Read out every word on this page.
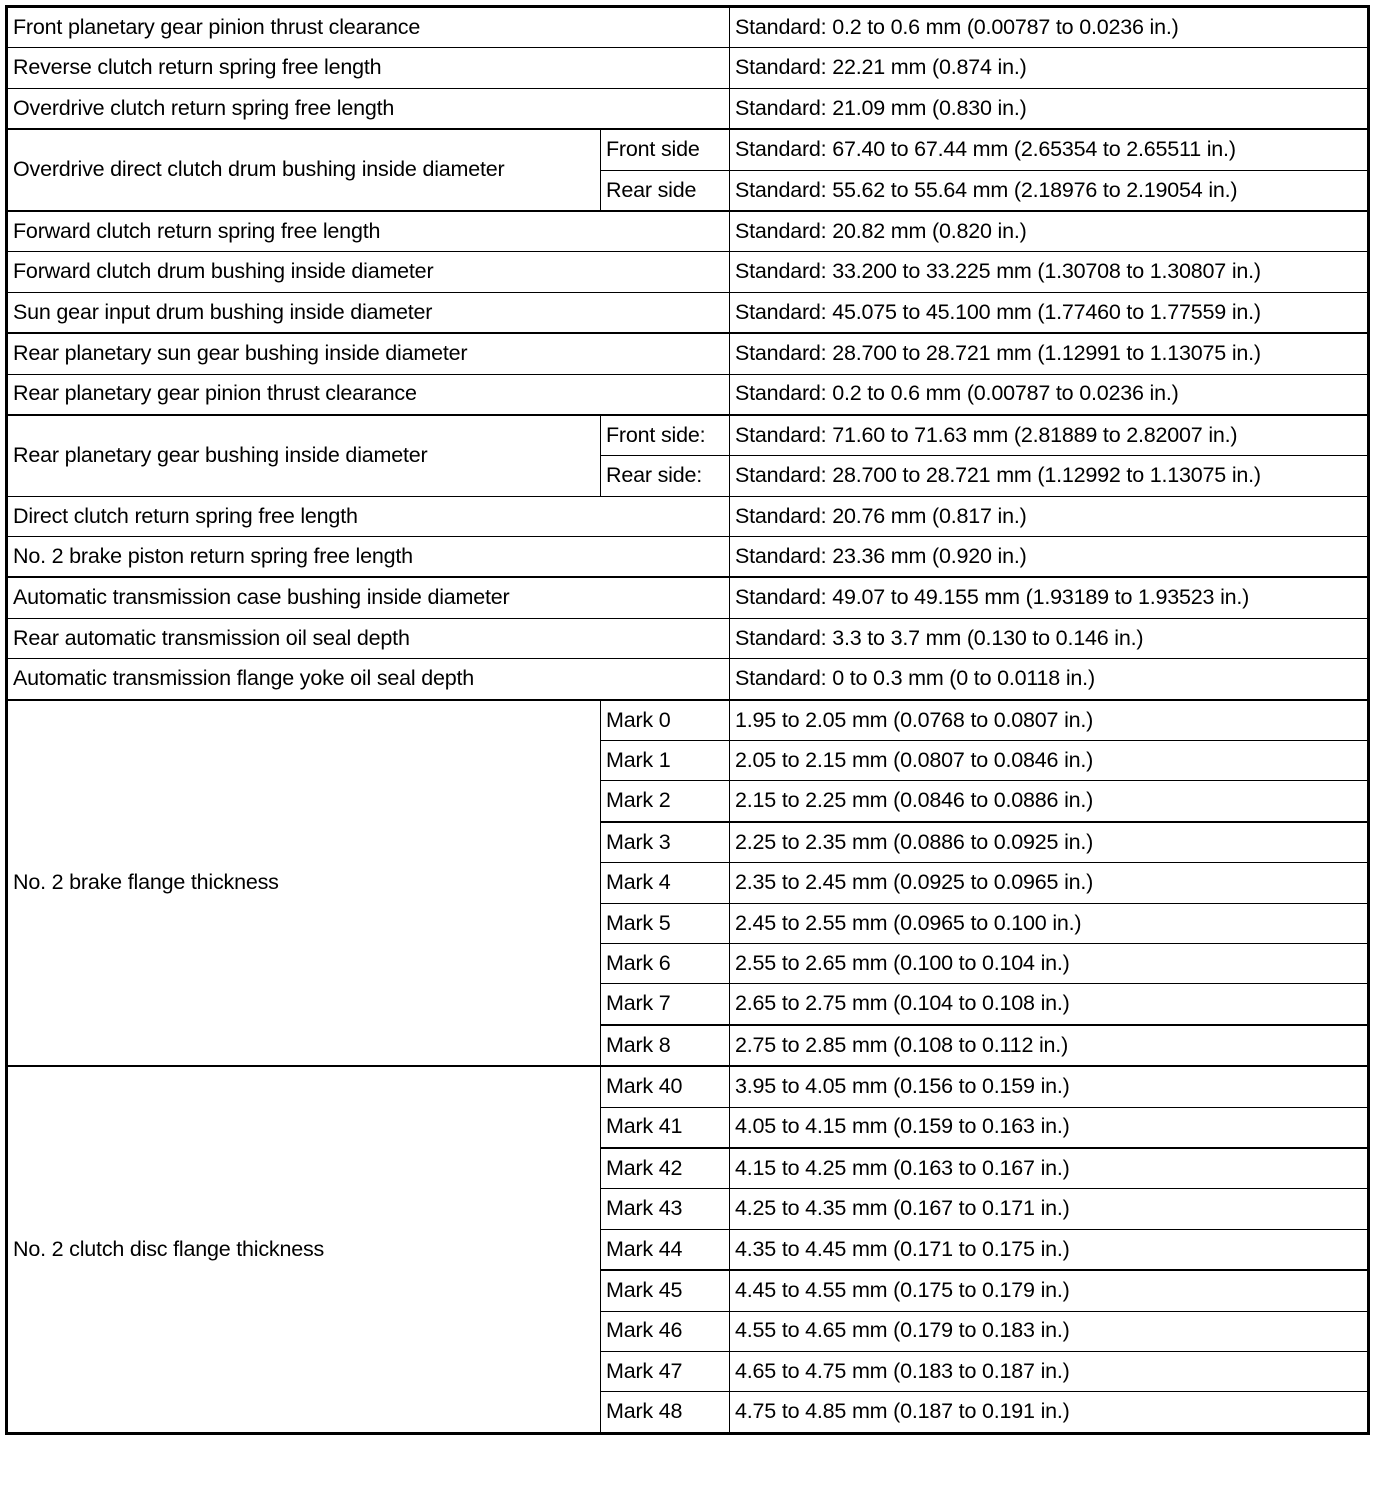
Front planetary gear pinion thrust clearance		Standard: 0.2 to 0.6 mm (0.00787 to 0.0236 in.)
Reverse clutch return spring free length		Standard: 22.21 mm (0.874 in.)
Overdrive clutch return spring free length		Standard: 21.09 mm (0.830 in.)
Overdrive direct clutch drum bushing inside diameter	Front side	Standard: 67.40 to 67.44 mm (2.65354 to 2.65511 in.)
	Rear side	Standard: 55.62 to 55.64 mm (2.18976 to 2.19054 in.)
Forward clutch return spring free length		Standard: 20.82 mm (0.820 in.)
Forward clutch drum bushing inside diameter		Standard: 33.200 to 33.225 mm (1.30708 to 1.30807 in.)
Sun gear input drum bushing inside diameter		Standard: 45.075 to 45.100 mm (1.77460 to 1.77559 in.)
Rear planetary sun gear bushing inside diameter		Standard: 28.700 to 28.721 mm (1.12991 to 1.13075 in.)
Rear planetary gear pinion thrust clearance		Standard: 0.2 to 0.6 mm (0.00787 to 0.0236 in.)
Rear planetary gear bushing inside diameter	Front side:	Standard: 71.60 to 71.63 mm (2.81889 to 2.82007 in.)
	Rear side:	Standard: 28.700 to 28.721 mm (1.12992 to 1.13075 in.)
Direct clutch return spring free length		Standard: 20.76 mm (0.817 in.)
No. 2 brake piston return spring free length		Standard: 23.36 mm (0.920 in.)
Automatic transmission case bushing inside diameter		Standard: 49.07 to 49.155 mm (1.93189 to 1.93523 in.)
Rear automatic transmission oil seal depth		Standard: 3.3 to 3.7 mm (0.130 to 0.146 in.)
Automatic transmission flange yoke oil seal depth		Standard: 0 to 0.3 mm (0 to 0.0118 in.)
No. 2 brake flange thickness	Mark 0	1.95 to 2.05 mm (0.0768 to 0.0807 in.)
	Mark 1	2.05 to 2.15 mm (0.0807 to 0.0846 in.)
	Mark 2	2.15 to 2.25 mm (0.0846 to 0.0886 in.)
	Mark 3	2.25 to 2.35 mm (0.0886 to 0.0925 in.)
	Mark 4	2.35 to 2.45 mm (0.0925 to 0.0965 in.)
	Mark 5	2.45 to 2.55 mm (0.0965 to 0.100 in.)
	Mark 6	2.55 to 2.65 mm (0.100 to 0.104 in.)
	Mark 7	2.65 to 2.75 mm (0.104 to 0.108 in.)
	Mark 8	2.75 to 2.85 mm (0.108 to 0.112 in.)
No. 2 clutch disc flange thickness	Mark 40	3.95 to 4.05 mm (0.156 to 0.159 in.)
	Mark 41	4.05 to 4.15 mm (0.159 to 0.163 in.)
	Mark 42	4.15 to 4.25 mm (0.163 to 0.167 in.)
	Mark 43	4.25 to 4.35 mm (0.167 to 0.171 in.)
	Mark 44	4.35 to 4.45 mm (0.171 to 0.175 in.)
	Mark 45	4.45 to 4.55 mm (0.175 to 0.179 in.)
	Mark 46	4.55 to 4.65 mm (0.179 to 0.183 in.)
	Mark 47	4.65 to 4.75 mm (0.183 to 0.187 in.)
	Mark 48	4.75 to 4.85 mm (0.187 to 0.191 in.)
